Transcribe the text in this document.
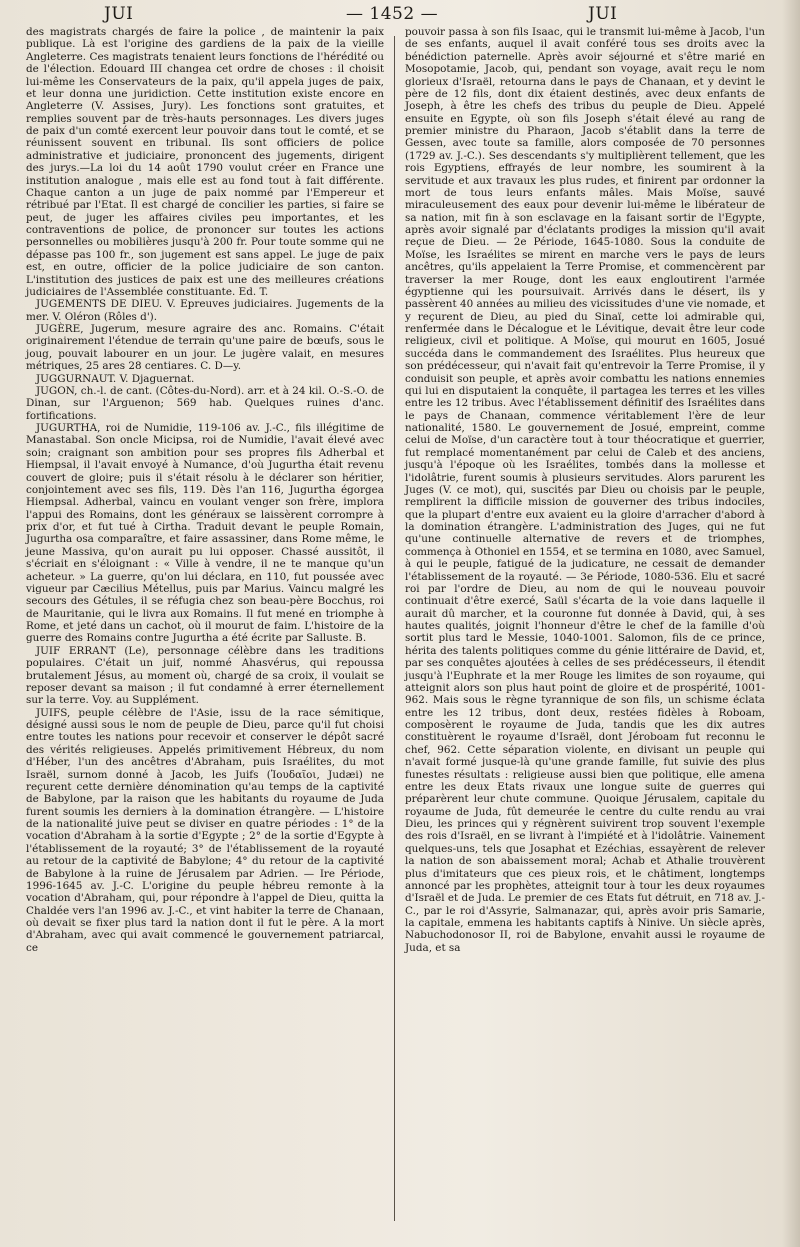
JUI	— 1452 —	JUI

des magistrats chargés de faire la police , de maintenir la paix publique. Là est l'origine des gardiens de la paix de la vieille Angleterre. Ces magistrats tenaient leurs fonctions de l'hérédité ou de l'élection. Edouard III changea cet ordre de choses : il choisit lui-même les Conservateurs de la paix, qu'il appela juges de paix, et leur donna une juridiction. Cette institution existe encore en Angleterre (V. Assises, Jury). Les fonctions sont gratuites, et remplies souvent par de très-hauts personnages. Les divers juges de paix d'un comté exercent leur pouvoir dans tout le comté, et se réunissent souvent en tribunal. Ils sont officiers de police administrative et judiciaire, prononcent des jugements, dirigent des jurys.—La loi du 14 août 1790 voulut créer en France une institution analogue , mais elle est au fond tout à fait différente. Chaque canton a un juge de paix nommé par l'Empereur et rétribué par l'Etat. Il est chargé de concilier les parties, si faire se peut, de juger les affaires civiles peu importantes, et les contraventions de police, de prononcer sur toutes les actions personnelles ou mobilières jusqu'à 200 fr. Pour toute somme qui ne dépasse pas 100 fr., son jugement est sans appel. Le juge de paix est, en outre, officier de la police judiciaire de son canton. L'institution des justices de paix est une des meilleures créations judiciaires de l'Assemblée constituante. Ed. T.

JUGEMENTS DE DIEU. V. Epreuves judiciaires. Jugements de la mer. V. Oléron (Rôles d').

JUGÈRE, Jugerum, mesure agraire des anc. Romains. C'était originairement l'étendue de terrain qu'une paire de bœufs, sous le joug, pouvait labourer en un jour. Le jugère valait, en mesures métriques, 25 ares 28 centiares. C. D—y.

JUGGURNAUT. V. Djaguernat.

JUGON, ch.-l. de cant. (Côtes-du-Nord). arr. et à 24 kil. O.-S.-O. de Dinan, sur l'Arguenon; 569 hab. Quelques ruines d'anc. fortifications.

JUGURTHA, roi de Numidie, 119-106 av. J.-C., fils illégitime de Manastabal. Son oncle Micipsa, roi de Numidie, l'avait élevé avec soin; craignant son ambition pour ses propres fils Adherbal et Hiempsal, il l'avait envoyé à Numance, d'où Jugurtha était revenu couvert de gloire; puis il s'était résolu à le déclarer son héritier, conjointement avec ses fils, 119. Dès l'an 116, Jugurtha égorgea Hiempsal. Adherbal, vaincu en voulant venger son frère, implora l'appui des Romains, dont les généraux se laissèrent corrompre à prix d'or, et fut tué à Cirtha. Traduit devant le peuple Romain, Jugurtha osa comparaître, et faire assassiner, dans Rome même, le jeune Massiva, qu'on aurait pu lui opposer. Chassé aussitôt, il s'écriait en s'éloignant : « Ville à vendre, il ne te manque qu'un acheteur. » La guerre, qu'on lui déclara, en 110, fut poussée avec vigueur par Cæcilius Métellus, puis par Marius. Vaincu malgré les secours des Gétules, il se réfugia chez son beau-père Bocchus, roi de Mauritanie, qui le livra aux Romains. Il fut mené en triomphe à Rome, et jeté dans un cachot, où il mourut de faim. L'histoire de la guerre des Romains contre Jugurtha a été écrite par Salluste. B.

JUIF ERRANT (Le), personnage célèbre dans les traditions populaires. C'était un juif, nommé Ahasvérus, qui repoussa brutalement Jésus, au moment où, chargé de sa croix, il voulait se reposer devant sa maison ; il fut condamné à errer éternellement sur la terre. Voy. au Supplément.

JUIFS, peuple célèbre de l'Asie, issu de la race sémitique, désigné aussi sous le nom de peuple de Dieu, parce qu'il fut choisi entre toutes les nations pour recevoir et conserver le dépôt sacré des vérités religieuses. Appelés primitivement Hébreux, du nom d'Héber, l'un des ancêtres d'Abraham, puis Israélites, du mot Israël, surnom donné à Jacob, les Juifs (Ἰουδαῖοι, Judæi) ne reçurent cette dernière dénomination qu'au temps de la captivité de Babylone, par la raison que les habitants du royaume de Juda furent soumis les derniers à la domination étrangère. — L'histoire de la nationalité juive peut se diviser en quatre périodes : 1° de la vocation d'Abraham à la sortie d'Egypte ; 2° de la sortie d'Egypte à l'établissement de la royauté; 3° de l'établissement de la royauté au retour de la captivité de Babylone; 4° du retour de la captivité de Babylone à la ruine de Jérusalem par Adrien. — Ire Période, 1996-1645 av. J.-C. L'origine du peuple hébreu remonte à la vocation d'Abraham, qui, pour répondre à l'appel de Dieu, quitta la Chaldée vers l'an 1996 av. J.-C., et vint habiter la terre de Chanaan, où devait se fixer plus tard la nation dont il fut le père. A la mort d'Abraham, avec qui avait commencé le gouvernement patriarcal, ce

pouvoir passa à son fils Isaac, qui le transmit lui-même à Jacob, l'un de ses enfants, auquel il avait conféré tous ses droits avec la bénédiction paternelle. Après avoir séjourné et s'être marié en Mosopotamie, Jacob, qui, pendant son voyage, avait reçu le nom glorieux d'Israël, retourna dans le pays de Chanaan, et y devint le père de 12 fils, dont dix étaient destinés, avec deux enfants de Joseph, à être les chefs des tribus du peuple de Dieu. Appelé ensuite en Egypte, où son fils Joseph s'était élevé au rang de premier ministre du Pharaon, Jacob s'établit dans la terre de Gessen, avec toute sa famille, alors composée de 70 personnes (1729 av. J.-C.). Ses descendants s'y multiplièrent tellement, que les rois Egyptiens, effrayés de leur nombre, les soumirent à la servitude et aux travaux les plus rudes, et finirent par ordonner la mort de tous leurs enfants mâles. Mais Moïse, sauvé miraculeusement des eaux pour devenir lui-même le libérateur de sa nation, mit fin à son esclavage en la faisant sortir de l'Egypte, après avoir signalé par d'éclatants prodiges la mission qu'il avait reçue de Dieu. — 2e Période, 1645-1080. Sous la conduite de Moïse, les Israélites se mirent en marche vers le pays de leurs ancêtres, qu'ils appelaient la Terre Promise, et commencèrent par traverser la mer Rouge, dont les eaux engloutirent l'armée égyptienne qui les poursuivait. Arrivés dans le désert, ils y passèrent 40 années au milieu des vicissitudes d'une vie nomade, et y reçurent de Dieu, au pied du Sinaï, cette loi admirable qui, renfermée dans le Décalogue et le Lévitique, devait être leur code religieux, civil et politique. A Moïse, qui mourut en 1605, Josué succéda dans le commandement des Israélites. Plus heureux que son prédécesseur, qui n'avait fait qu'entrevoir la Terre Promise, il y conduisit son peuple, et après avoir combattu les nations ennemies qui lui en disputaient la conquête, il partagea les terres et les villes entre les 12 tribus. Avec l'établissement définitif des Israélites dans le pays de Chanaan, commence véritablement l'ère de leur nationalité, 1580. Le gouvernement de Josué, empreint, comme celui de Moïse, d'un caractère tout à tour théocratique et guerrier, fut remplacé momentanément par celui de Caleb et des anciens, jusqu'à l'époque où les Israélites, tombés dans la mollesse et l'idolâtrie, furent soumis à plusieurs servitudes. Alors parurent les Juges (V. ce mot), qui, suscités par Dieu ou choisis par le peuple, remplirent la difficile mission de gouverner des tribus indociles, que la plupart d'entre eux avaient eu la gloire d'arracher d'abord à la domination étrangère. L'administration des Juges, qui ne fut qu'une continuelle alternative de revers et de triomphes, commença à Othoniel en 1554, et se termina en 1080, avec Samuel, à qui le peuple, fatigué de la judicature, ne cessait de demander l'établissement de la royauté. — 3e Période, 1080-536. Elu et sacré roi par l'ordre de Dieu, au nom de qui le nouveau pouvoir continuait d'être exercé, Saül s'écarta de la voie dans laquelle il aurait dû marcher, et la couronne fut donnée à David, qui, à ses hautes qualités, joignit l'honneur d'être le chef de la famille d'où sortit plus tard le Messie, 1040-1001. Salomon, fils de ce prince, hérita des talents politiques comme du génie littéraire de David, et, par ses conquêtes ajoutées à celles de ses prédécesseurs, il étendit jusqu'à l'Euphrate et la mer Rouge les limites de son royaume, qui atteignit alors son plus haut point de gloire et de prospérité, 1001-962. Mais sous le règne tyrannique de son fils, un schisme éclata entre les 12 tribus, dont deux, restées fidèles à Roboam, composèrent le royaume de Juda, tandis que les dix autres constituèrent le royaume d'Israël, dont Jéroboam fut reconnu le chef, 962. Cette séparation violente, en divisant un peuple qui n'avait formé jusque-là qu'une grande famille, fut suivie des plus funestes résultats : religieuse aussi bien que politique, elle amena entre les deux Etats rivaux une longue suite de guerres qui préparèrent leur chute commune. Quoique Jérusalem, capitale du royaume de Juda, fût demeurée le centre du culte rendu au vrai Dieu, les princes qui y régnèrent suivirent trop souvent l'exemple des rois d'Israël, en se livrant à l'impiété et à l'idolâtrie. Vainement quelques-uns, tels que Josaphat et Ezéchias, essayèrent de relever la nation de son abaissement moral; Achab et Athalie trouvèrent plus d'imitateurs que ces pieux rois, et le châtiment, longtemps annoncé par les prophètes, atteignit tour à tour les deux royaumes d'Israël et de Juda. Le premier de ces Etats fut détruit, en 718 av. J.-C., par le roi d'Assyrie, Salmanazar, qui, après avoir pris Samarie, la capitale, emmena les habitants captifs à Ninive. Un siècle après, Nabuchodonosor II, roi de Babylone, envahit aussi le royaume de Juda, et sa
